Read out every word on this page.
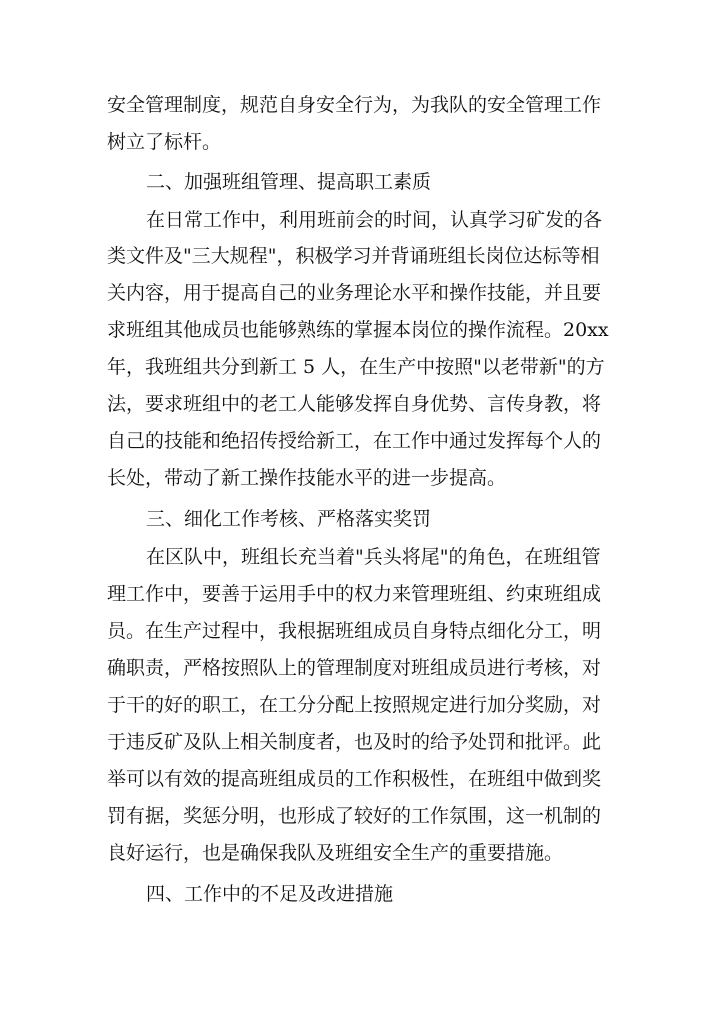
安全管理制度，规范自身安全行为，为我队的安全管理工作
树立了标杆。
二、加强班组管理、提高职工素质
在日常工作中，利用班前会的时间，认真学习矿发的各
类文件及"三大规程"，积极学习并背诵班组长岗位达标等相
关内容，用于提高自己的业务理论水平和操作技能，并且要
求班组其他成员也能够熟练的掌握本岗位的操作流程。20xx
年，我班组共分到新工 5 人，在生产中按照"以老带新"的方
法，要求班组中的老工人能够发挥自身优势、言传身教，将
自己的技能和绝招传授给新工，在工作中通过发挥每个人的
长处，带动了新工操作技能水平的进一步提高。
三、细化工作考核、严格落实奖罚
在区队中，班组长充当着"兵头将尾"的角色，在班组管
理工作中，要善于运用手中的权力来管理班组、约束班组成
员。在生产过程中，我根据班组成员自身特点细化分工，明
确职责，严格按照队上的管理制度对班组成员进行考核，对
于干的好的职工，在工分分配上按照规定进行加分奖励，对
于违反矿及队上相关制度者，也及时的给予处罚和批评。此
举可以有效的提高班组成员的工作积极性，在班组中做到奖
罚有据，奖惩分明，也形成了较好的工作氛围，这一机制的
良好运行，也是确保我队及班组安全生产的重要措施。
四、工作中的不足及改进措施
